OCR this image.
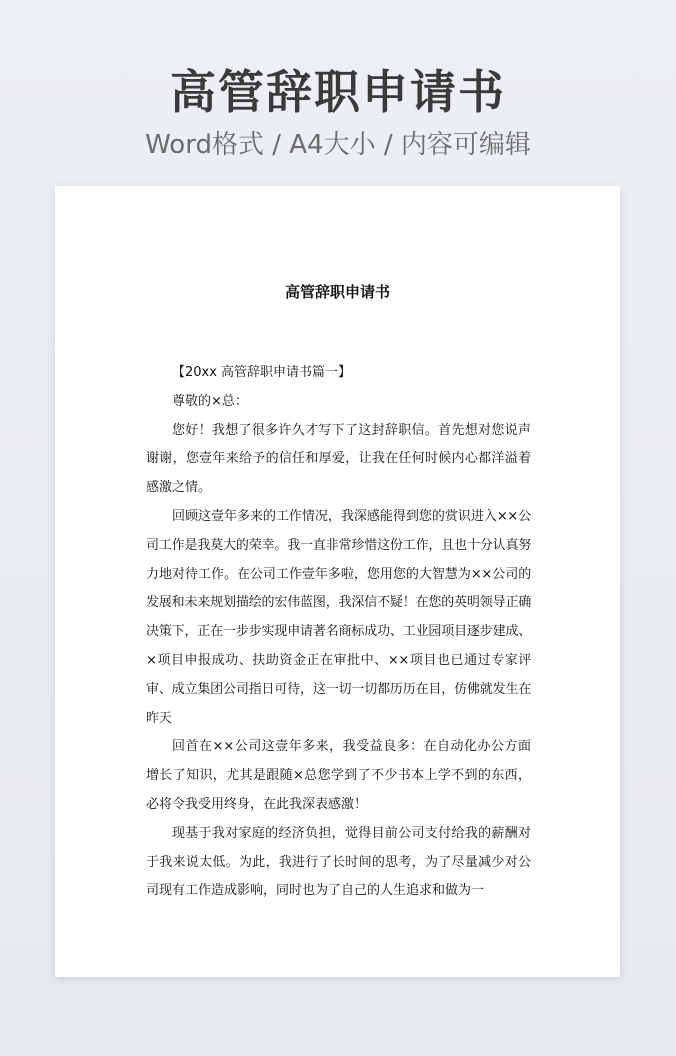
高管辞职申请书
Word格式 / A4大小 / 内容可编辑
高管辞职申请书

【20xx 高管辞职申请书篇一】

尊敬的×总：

您好！我想了很多许久才写下了这封辞职信。首先想对您说声谢谢，您壹年来给予的信任和厚爱，让我在任何时候内心都洋溢着感激之情。

回顾这壹年多来的工作情况，我深感能得到您的赏识进入××公司工作是我莫大的荣幸。我一直非常珍惜这份工作，且也十分认真努力地对待工作。在公司工作壹年多啦，您用您的大智慧为××公司的发展和未来规划描绘的宏伟蓝图，我深信不疑！在您的英明领导正确决策下，正在一步步实现申请著名商标成功、工业园项目逐步建成、×项目申报成功、扶助资金正在审批中、××项目也已通过专家评审、成立集团公司指日可待，这一切一切都历历在目，仿佛就发生在昨天

回首在××公司这壹年多来，我受益良多：在自动化办公方面增长了知识，尤其是跟随×总您学到了不少书本上学不到的东西，必将令我受用终身，在此我深表感激！

现基于我对家庭的经济负担，觉得目前公司支付给我的薪酬对于我来说太低。为此，我进行了长时间的思考，为了尽量减少对公司现有工作造成影响，同时也为了自己的人生追求和做为一
